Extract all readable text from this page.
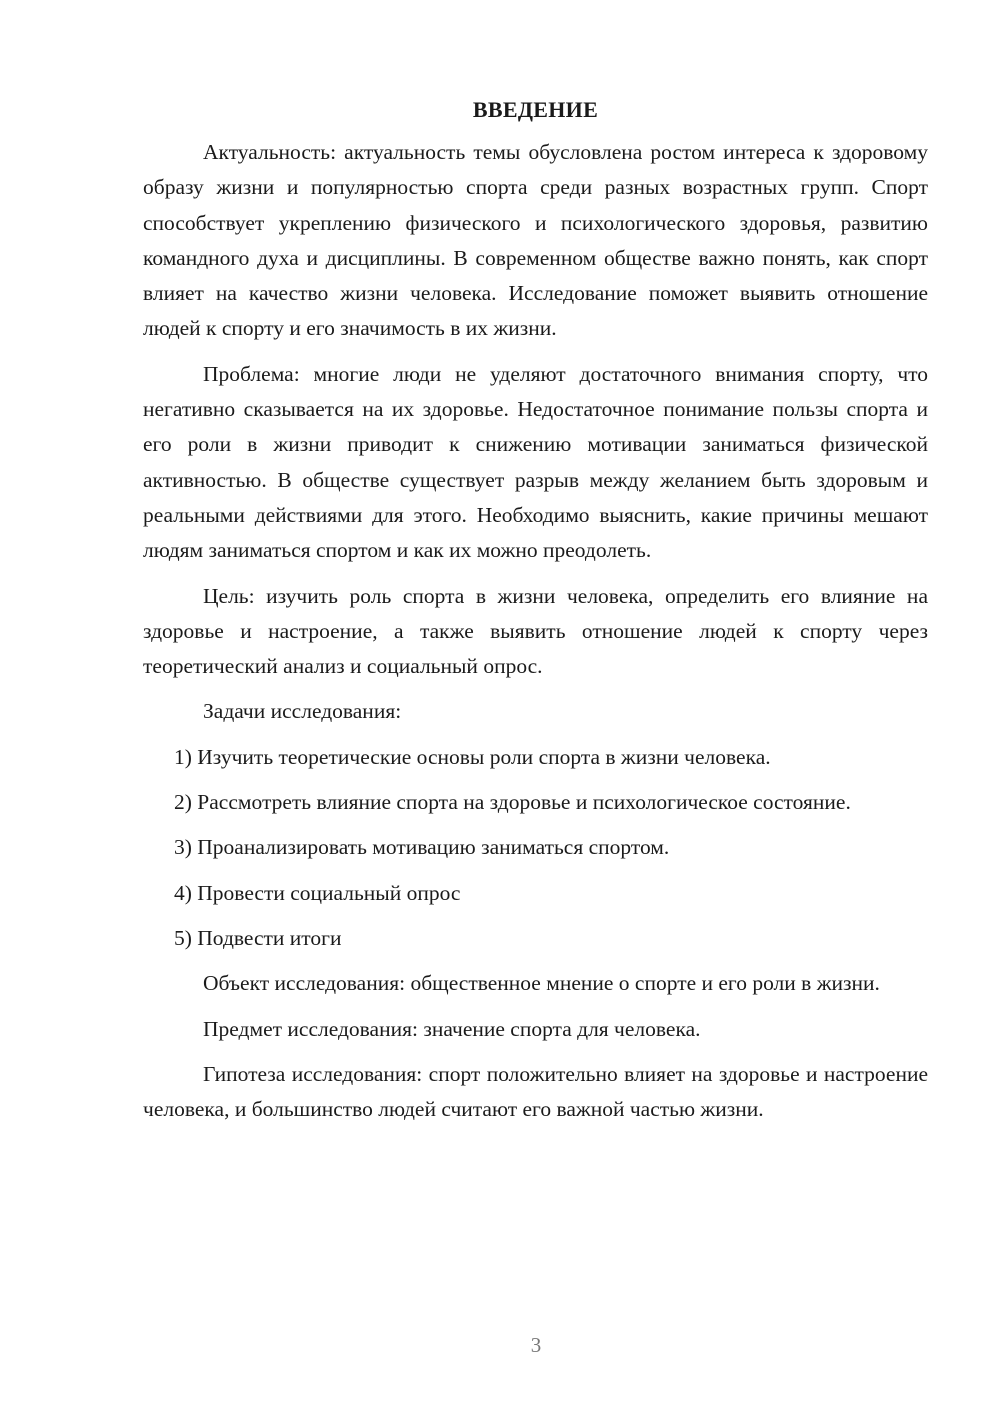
ВВЕДЕНИЕ

Актуальность: актуальность темы обусловлена ростом интереса к здоровому образу жизни и популярностью спорта среди разных возрастных групп. Спорт способствует укреплению физического и психологического здоровья, развитию командного духа и дисциплины. В современном обществе важно понять, как спорт влияет на качество жизни человека. Исследование поможет выявить отношение людей к спорту и его значимость в их жизни.

Проблема: многие люди не уделяют достаточного внимания спорту, что негативно сказывается на их здоровье. Недостаточное понимание пользы спорта и его роли в жизни приводит к снижению мотивации заниматься физической активностью. В обществе существует разрыв между желанием быть здоровым и реальными действиями для этого. Необходимо выяснить, какие причины мешают людям заниматься спортом и как их можно преодолеть.

Цель: изучить роль спорта в жизни человека, определить его влияние на здоровье и настроение, а также выявить отношение людей к спорту через теоретический анализ и социальный опрос.

Задачи исследования:

1) Изучить теоретические основы роли спорта в жизни человека.

2) Рассмотреть влияние спорта на здоровье и психологическое состояние.

3) Проанализировать мотивацию заниматься спортом.

4) Провести социальный опрос

5) Подвести итоги

Объект исследования: общественное мнение о спорте и его роли в жизни.

Предмет исследования: значение спорта для человека.

Гипотеза исследования: спорт положительно влияет на здоровье и настроение человека, и большинство людей считают его важной частью жизни.

3
